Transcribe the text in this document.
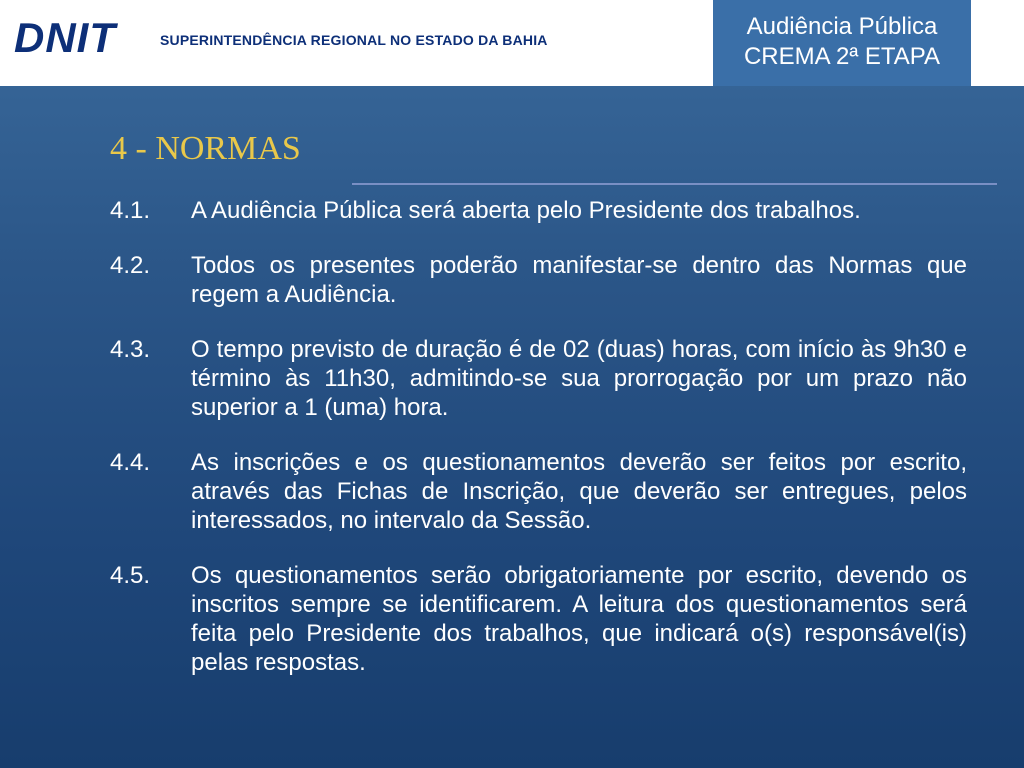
DNIT	SUPERINTENDÊNCIA REGIONAL NO ESTADO DA BAHIA	Audiência Pública
CREMA 2ª ETAPA
4 - NORMAS
4.1.	A Audiência Pública será aberta pelo Presidente dos trabalhos.
4.2.	Todos os presentes poderão manifestar-se dentro das Normas que regem a Audiência.
4.3.	O tempo previsto de duração é de 02 (duas) horas, com início às 9h30 e término às 11h30, admitindo-se sua prorrogação por um prazo não superior a 1 (uma) hora.
4.4.	As inscrições e os questionamentos deverão ser feitos por escrito, através das Fichas de Inscrição, que deverão ser entregues, pelos interessados, no intervalo da Sessão.
4.5.	Os questionamentos serão obrigatoriamente por escrito, devendo os inscritos sempre se identificarem. A leitura dos questionamentos será feita pelo Presidente dos trabalhos, que indicará o(s) responsável(is) pelas respostas.
